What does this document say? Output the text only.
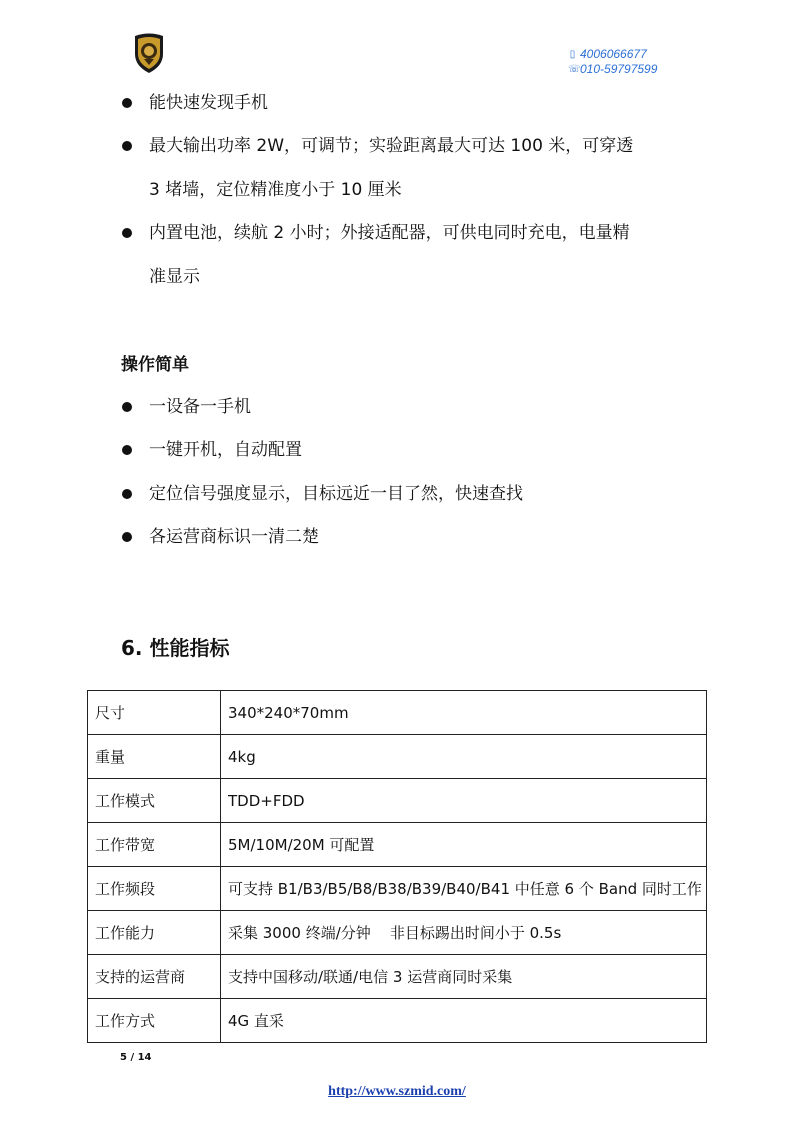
▯ 4006066677
☏ 010-59797599
能快速发现手机
最大输出功率 2W，可调节；实验距离最大可达 100 米，可穿透
3 堵墙，定位精准度小于 10 厘米
内置电池，续航 2 小时；外接适配器，可供电同时充电，电量精
准显示
操作简单
一设备一手机
一键开机，自动配置
定位信号强度显示，目标远近一目了然，快速查找
各运营商标识一清二楚
6. 性能指标
尺寸	340*240*70mm
重量	4kg
工作模式	TDD+FDD
工作带宽	5M/10M/20M 可配置
工作频段	可支持 B1/B3/B5/B8/B38/B39/B40/B41 中任意 6 个 Band 同时工作
工作能力	采集 3000 终端/分钟    非目标踢出时间小于 0.5s
支持的运营商	支持中国移动/联通/电信 3 运营商同时采集
工作方式	4G 直采
5 / 14
http://www.szmid.com/
